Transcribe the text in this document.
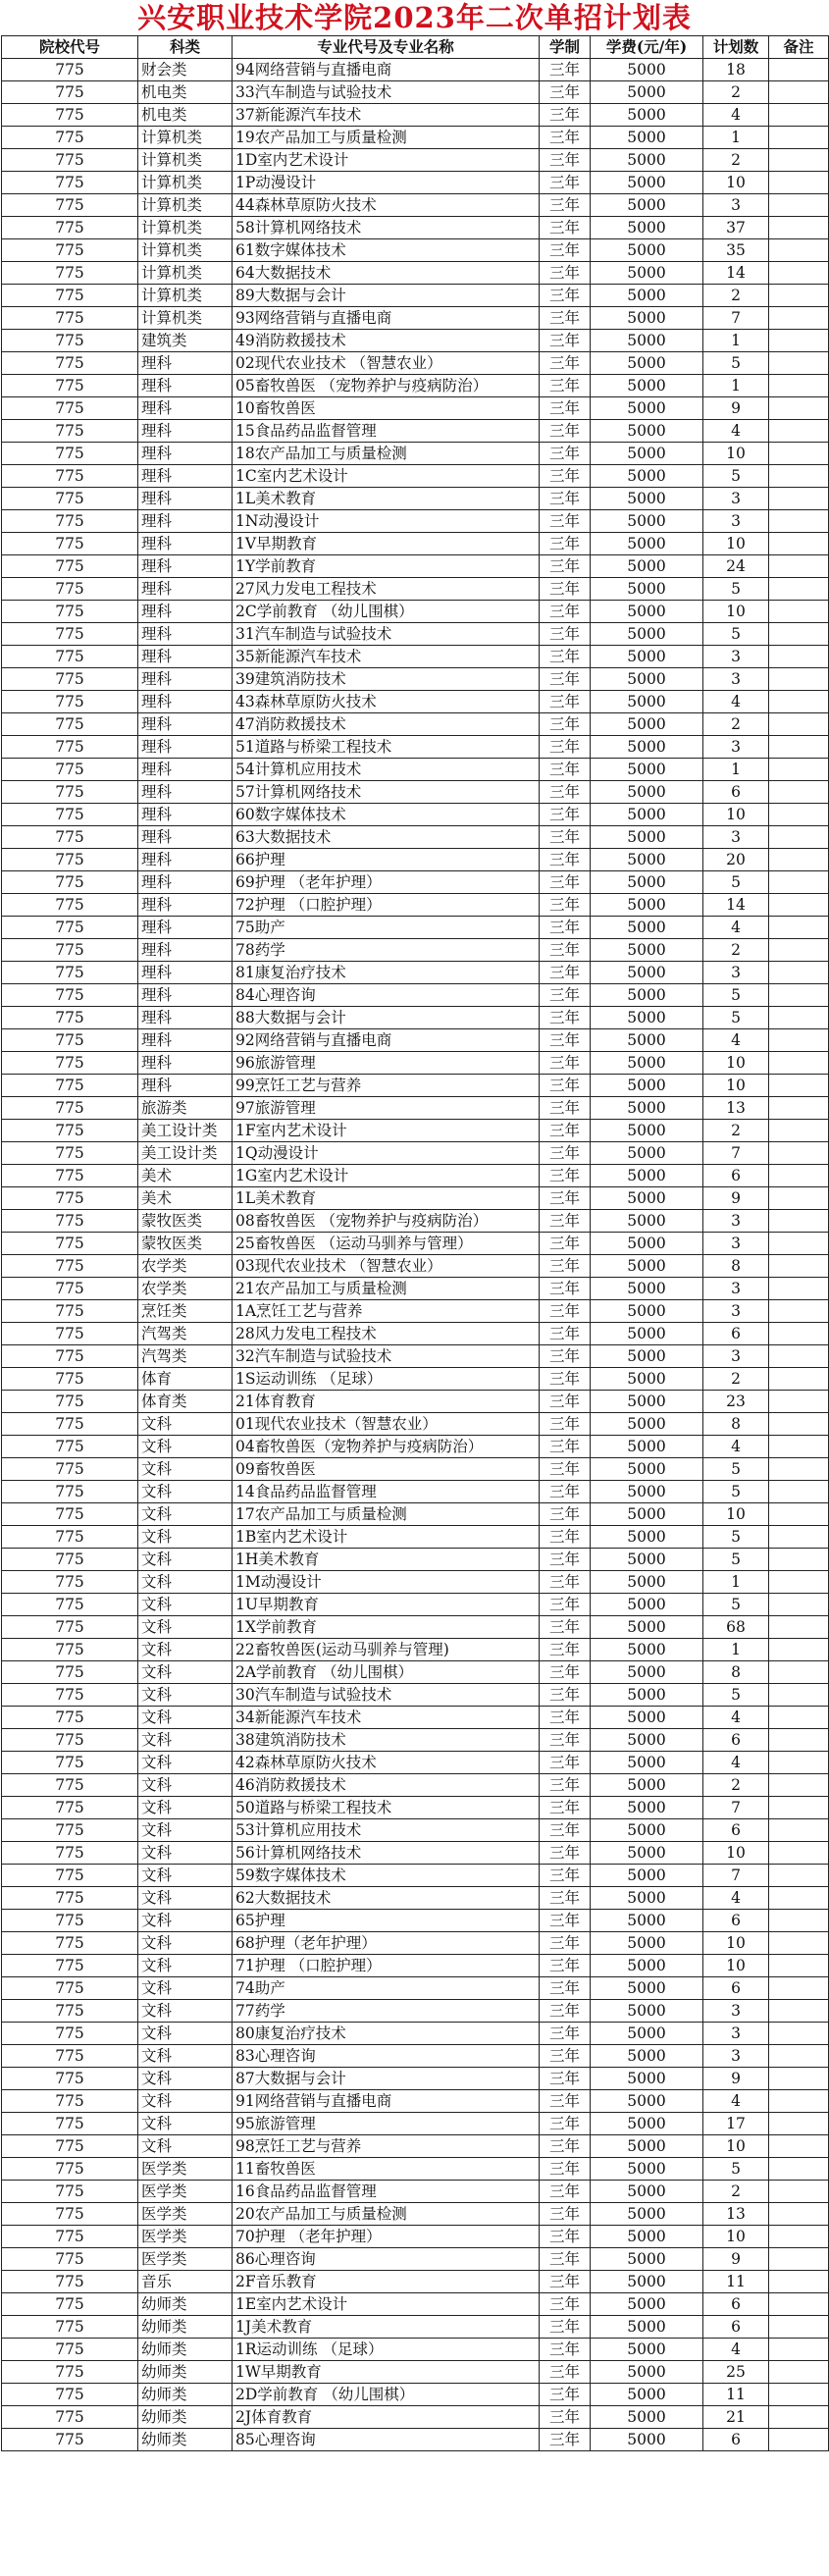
兴安职业技术学院2023年二次单招计划表
院校代号	科类	专业代号及专业名称	学制	学费(元/年)	计划数	备注
775	财会类	94网络营销与直播电商	三年	5000	18	
775	机电类	33汽车制造与试验技术	三年	5000	2	
775	机电类	37新能源汽车技术	三年	5000	4	
775	计算机类	19农产品加工与质量检测	三年	5000	1	
775	计算机类	1D室内艺术设计	三年	5000	2	
775	计算机类	1P动漫设计	三年	5000	10	
775	计算机类	44森林草原防火技术	三年	5000	3	
775	计算机类	58计算机网络技术	三年	5000	37	
775	计算机类	61数字媒体技术	三年	5000	35	
775	计算机类	64大数据技术	三年	5000	14	
775	计算机类	89大数据与会计	三年	5000	2	
775	计算机类	93网络营销与直播电商	三年	5000	7	
775	建筑类	49消防救援技术	三年	5000	1	
775	理科	02现代农业技术 （智慧农业）	三年	5000	5	
775	理科	05畜牧兽医 （宠物养护与疫病防治）	三年	5000	1	
775	理科	10畜牧兽医	三年	5000	9	
775	理科	15食品药品监督管理	三年	5000	4	
775	理科	18农产品加工与质量检测	三年	5000	10	
775	理科	1C室内艺术设计	三年	5000	5	
775	理科	1L美术教育	三年	5000	3	
775	理科	1N动漫设计	三年	5000	3	
775	理科	1V早期教育	三年	5000	10	
775	理科	1Y学前教育	三年	5000	24	
775	理科	27风力发电工程技术	三年	5000	5	
775	理科	2C学前教育 （幼儿围棋）	三年	5000	10	
775	理科	31汽车制造与试验技术	三年	5000	5	
775	理科	35新能源汽车技术	三年	5000	3	
775	理科	39建筑消防技术	三年	5000	3	
775	理科	43森林草原防火技术	三年	5000	4	
775	理科	47消防救援技术	三年	5000	2	
775	理科	51道路与桥梁工程技术	三年	5000	3	
775	理科	54计算机应用技术	三年	5000	1	
775	理科	57计算机网络技术	三年	5000	6	
775	理科	60数字媒体技术	三年	5000	10	
775	理科	63大数据技术	三年	5000	3	
775	理科	66护理	三年	5000	20	
775	理科	69护理 （老年护理）	三年	5000	5	
775	理科	72护理 （口腔护理）	三年	5000	14	
775	理科	75助产	三年	5000	4	
775	理科	78药学	三年	5000	2	
775	理科	81康复治疗技术	三年	5000	3	
775	理科	84心理咨询	三年	5000	5	
775	理科	88大数据与会计	三年	5000	5	
775	理科	92网络营销与直播电商	三年	5000	4	
775	理科	96旅游管理	三年	5000	10	
775	理科	99烹饪工艺与营养	三年	5000	10	
775	旅游类	97旅游管理	三年	5000	13	
775	美工设计类	1F室内艺术设计	三年	5000	2	
775	美工设计类	1Q动漫设计	三年	5000	7	
775	美术	1G室内艺术设计	三年	5000	6	
775	美术	1L美术教育	三年	5000	9	
775	蒙牧医类	08畜牧兽医 （宠物养护与疫病防治）	三年	5000	3	
775	蒙牧医类	25畜牧兽医 （运动马驯养与管理）	三年	5000	3	
775	农学类	03现代农业技术 （智慧农业）	三年	5000	8	
775	农学类	21农产品加工与质量检测	三年	5000	3	
775	烹饪类	1A烹饪工艺与营养	三年	5000	3	
775	汽驾类	28风力发电工程技术	三年	5000	6	
775	汽驾类	32汽车制造与试验技术	三年	5000	3	
775	体育	1S运动训练 （足球）	三年	5000	2	
775	体育类	21体育教育	三年	5000	23	
775	文科	01现代农业技术（智慧农业）	三年	5000	8	
775	文科	04畜牧兽医（宠物养护与疫病防治）	三年	5000	4	
775	文科	09畜牧兽医	三年	5000	5	
775	文科	14食品药品监督管理	三年	5000	5	
775	文科	17农产品加工与质量检测	三年	5000	10	
775	文科	1B室内艺术设计	三年	5000	5	
775	文科	1H美术教育	三年	5000	5	
775	文科	1M动漫设计	三年	5000	1	
775	文科	1U早期教育	三年	5000	5	
775	文科	1X学前教育	三年	5000	68	
775	文科	22畜牧兽医(运动马驯养与管理)	三年	5000	1	
775	文科	2A学前教育 （幼儿围棋）	三年	5000	8	
775	文科	30汽车制造与试验技术	三年	5000	5	
775	文科	34新能源汽车技术	三年	5000	4	
775	文科	38建筑消防技术	三年	5000	6	
775	文科	42森林草原防火技术	三年	5000	4	
775	文科	46消防救援技术	三年	5000	2	
775	文科	50道路与桥梁工程技术	三年	5000	7	
775	文科	53计算机应用技术	三年	5000	6	
775	文科	56计算机网络技术	三年	5000	10	
775	文科	59数字媒体技术	三年	5000	7	
775	文科	62大数据技术	三年	5000	4	
775	文科	65护理	三年	5000	6	
775	文科	68护理（老年护理）	三年	5000	10	
775	文科	71护理 （口腔护理）	三年	5000	10	
775	文科	74助产	三年	5000	6	
775	文科	77药学	三年	5000	3	
775	文科	80康复治疗技术	三年	5000	3	
775	文科	83心理咨询	三年	5000	3	
775	文科	87大数据与会计	三年	5000	9	
775	文科	91网络营销与直播电商	三年	5000	4	
775	文科	95旅游管理	三年	5000	17	
775	文科	98烹饪工艺与营养	三年	5000	10	
775	医学类	11畜牧兽医	三年	5000	5	
775	医学类	16食品药品监督管理	三年	5000	2	
775	医学类	20农产品加工与质量检测	三年	5000	13	
775	医学类	70护理 （老年护理）	三年	5000	10	
775	医学类	86心理咨询	三年	5000	9	
775	音乐	2F音乐教育	三年	5000	11	
775	幼师类	1E室内艺术设计	三年	5000	6	
775	幼师类	1J美术教育	三年	5000	6	
775	幼师类	1R运动训练 （足球）	三年	5000	4	
775	幼师类	1W早期教育	三年	5000	25	
775	幼师类	2D学前教育 （幼儿围棋）	三年	5000	11	
775	幼师类	2J体育教育	三年	5000	21	
775	幼师类	85心理咨询	三年	5000	6	
